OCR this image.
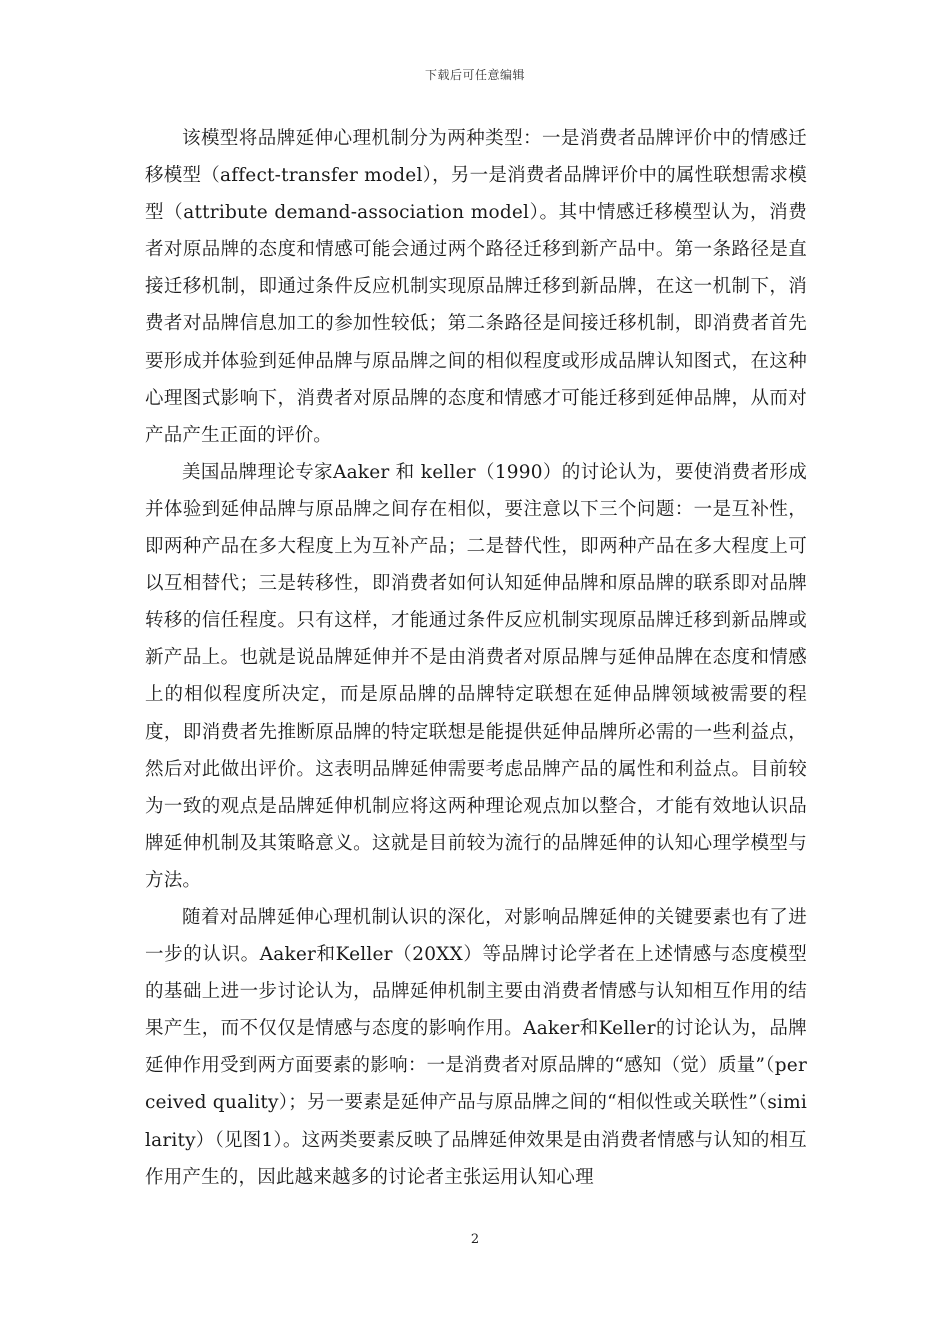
下载后可任意编辑

该模型将品牌延伸心理机制分为两种类型：一是消费者品牌评价中的情感迁移模型（affect-transfer model），另一是消费者品牌评价中的属性联想需求模型（attribute demand-association model）。其中情感迁移模型认为，消费者对原品牌的态度和情感可能会通过两个路径迁移到新产品中。第一条路径是直接迁移机制，即通过条件反应机制实现原品牌迁移到新品牌，在这一机制下，消费者对品牌信息加工的参加性较低；第二条路径是间接迁移机制，即消费者首先要形成并体验到延伸品牌与原品牌之间的相似程度或形成品牌认知图式，在这种心理图式影响下，消费者对原品牌的态度和情感才可能迁移到延伸品牌，从而对产品产生正面的评价。

美国品牌理论专家Aaker 和 keller（1990）的讨论认为，要使消费者形成并体验到延伸品牌与原品牌之间存在相似，要注意以下三个问题：一是互补性，即两种产品在多大程度上为互补产品；二是替代性，即两种产品在多大程度上可以互相替代；三是转移性，即消费者如何认知延伸品牌和原品牌的联系即对品牌转移的信任程度。只有这样，才能通过条件反应机制实现原品牌迁移到新品牌或新产品上。也就是说品牌延伸并不是由消费者对原品牌与延伸品牌在态度和情感上的相似程度所决定，而是原品牌的品牌特定联想在延伸品牌领域被需要的程度，即消费者先推断原品牌的特定联想是能提供延伸品牌所必需的一些利益点，然后对此做出评价。这表明品牌延伸需要考虑品牌产品的属性和利益点。目前较为一致的观点是品牌延伸机制应将这两种理论观点加以整合，才能有效地认识品牌延伸机制及其策略意义。这就是目前较为流行的品牌延伸的认知心理学模型与方法。

随着对品牌延伸心理机制认识的深化，对影响品牌延伸的关键要素也有了进一步的认识。Aaker和Keller（20XX）等品牌讨论学者在上述情感与态度模型的基础上进一步讨论认为，品牌延伸机制主要由消费者情感与认知相互作用的结果产生，而不仅仅是情感与态度的影响作用。Aaker和Keller的讨论认为，品牌延伸作用受到两方面要素的影响：一是消费者对原品牌的“感知（觉）质量”（perceived quality）；另一要素是延伸产品与原品牌之间的“相似性或关联性”（similarity）（见图1）。这两类要素反映了品牌延伸效果是由消费者情感与认知的相互作用产生的，因此越来越多的讨论者主张运用认知心理

2
